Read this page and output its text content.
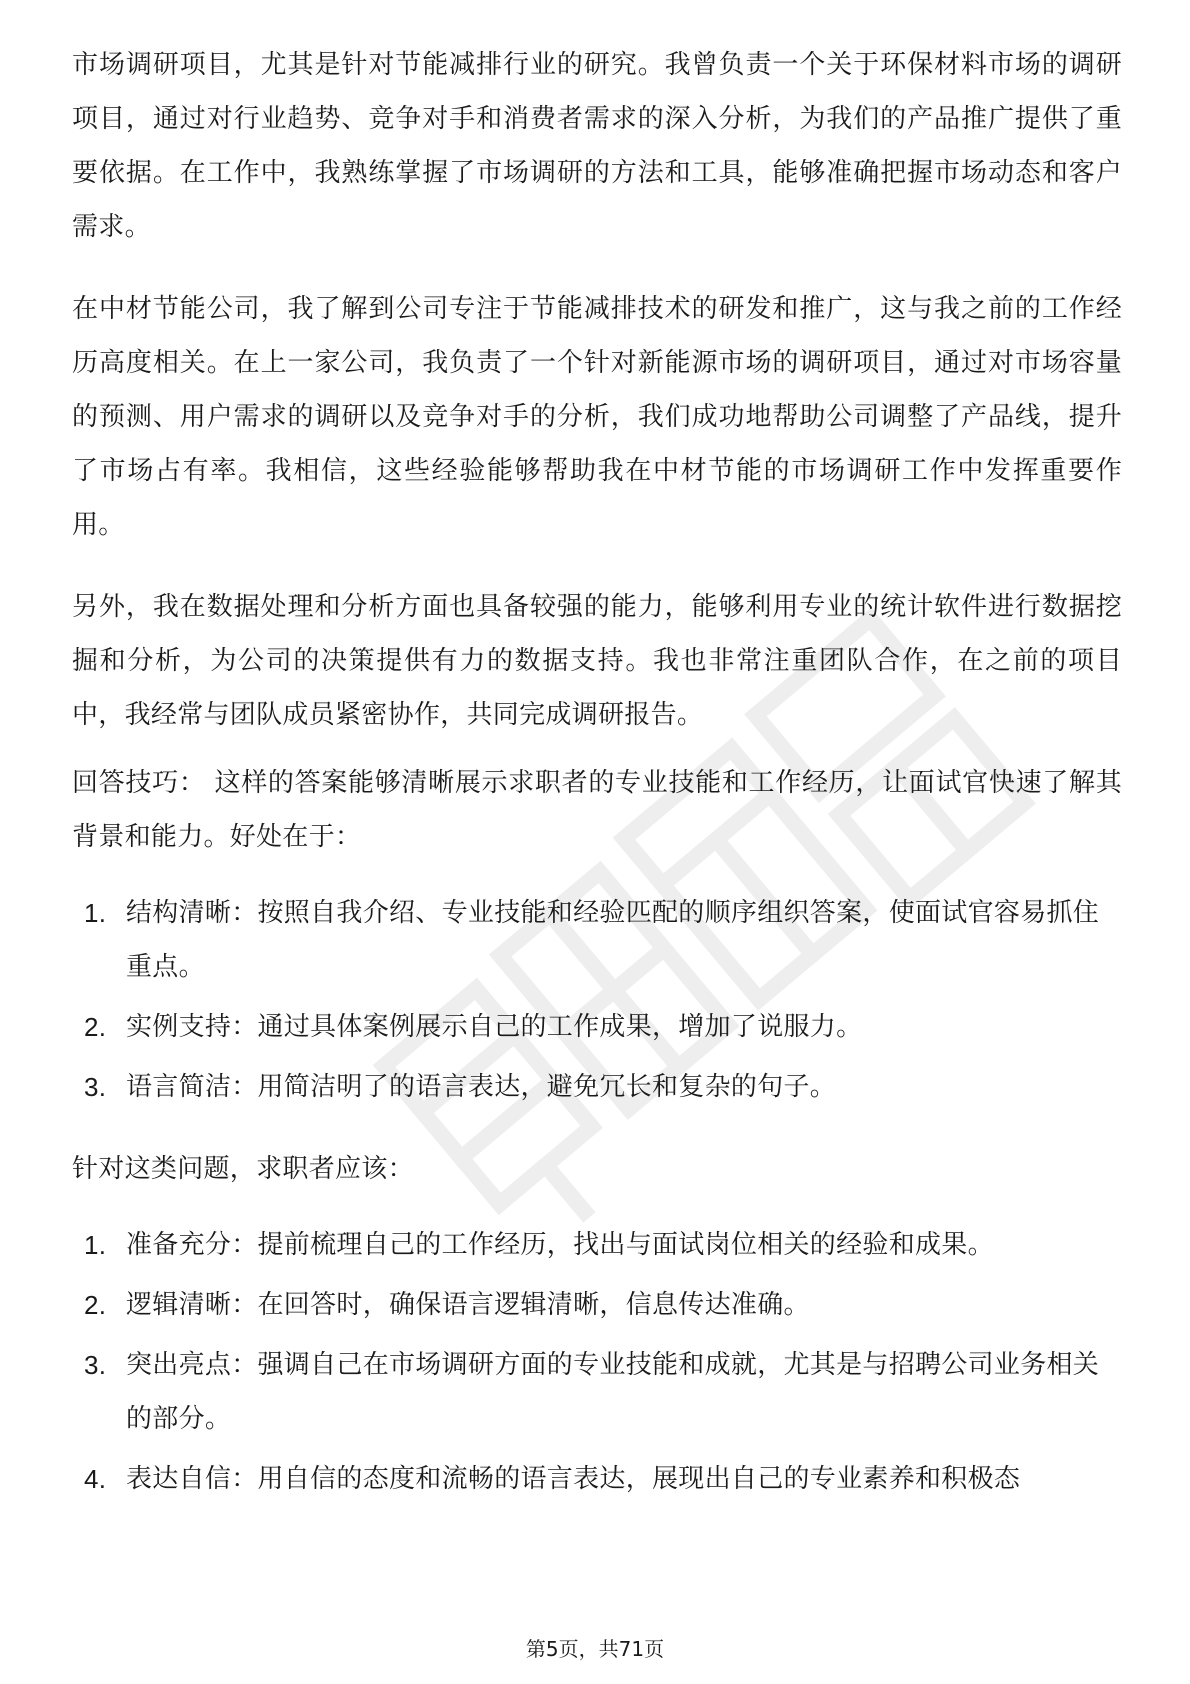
市场调研项目，尤其是针对节能减排行业的研究。我曾负责一个关于环保材料市场的调研项目，通过对行业趋势、竞争对手和消费者需求的深入分析，为我们的产品推广提供了重要依据。在工作中，我熟练掌握了市场调研的方法和工具，能够准确把握市场动态和客户需求。

在中材节能公司，我了解到公司专注于节能减排技术的研发和推广，这与我之前的工作经历高度相关。在上一家公司，我负责了一个针对新能源市场的调研项目，通过对市场容量的预测、用户需求的调研以及竞争对手的分析，我们成功地帮助公司调整了产品线，提升了市场占有率。我相信，这些经验能够帮助我在中材节能的市场调研工作中发挥重要作用。

另外，我在数据处理和分析方面也具备较强的能力，能够利用专业的统计软件进行数据挖掘和分析，为公司的决策提供有力的数据支持。我也非常注重团队合作，在之前的项目中，我经常与团队成员紧密协作，共同完成调研报告。

回答技巧： 这样的答案能够清晰展示求职者的专业技能和工作经历，让面试官快速了解其背景和能力。好处在于：

1. 结构清晰：按照自我介绍、专业技能和经验匹配的顺序组织答案，使面试官容易抓住重点。
2. 实例支持：通过具体案例展示自己的工作成果，增加了说服力。
3. 语言简洁：用简洁明了的语言表达，避免冗长和复杂的句子。

针对这类问题，求职者应该：

1. 准备充分：提前梳理自己的工作经历，找出与面试岗位相关的经验和成果。
2. 逻辑清晰：在回答时，确保语言逻辑清晰，信息传达准确。
3. 突出亮点：强调自己在市场调研方面的专业技能和成就，尤其是与招聘公司业务相关的部分。
4. 表达自信：用自信的态度和流畅的语言表达，展现出自己的专业素养和积极态
第5页，共71页
